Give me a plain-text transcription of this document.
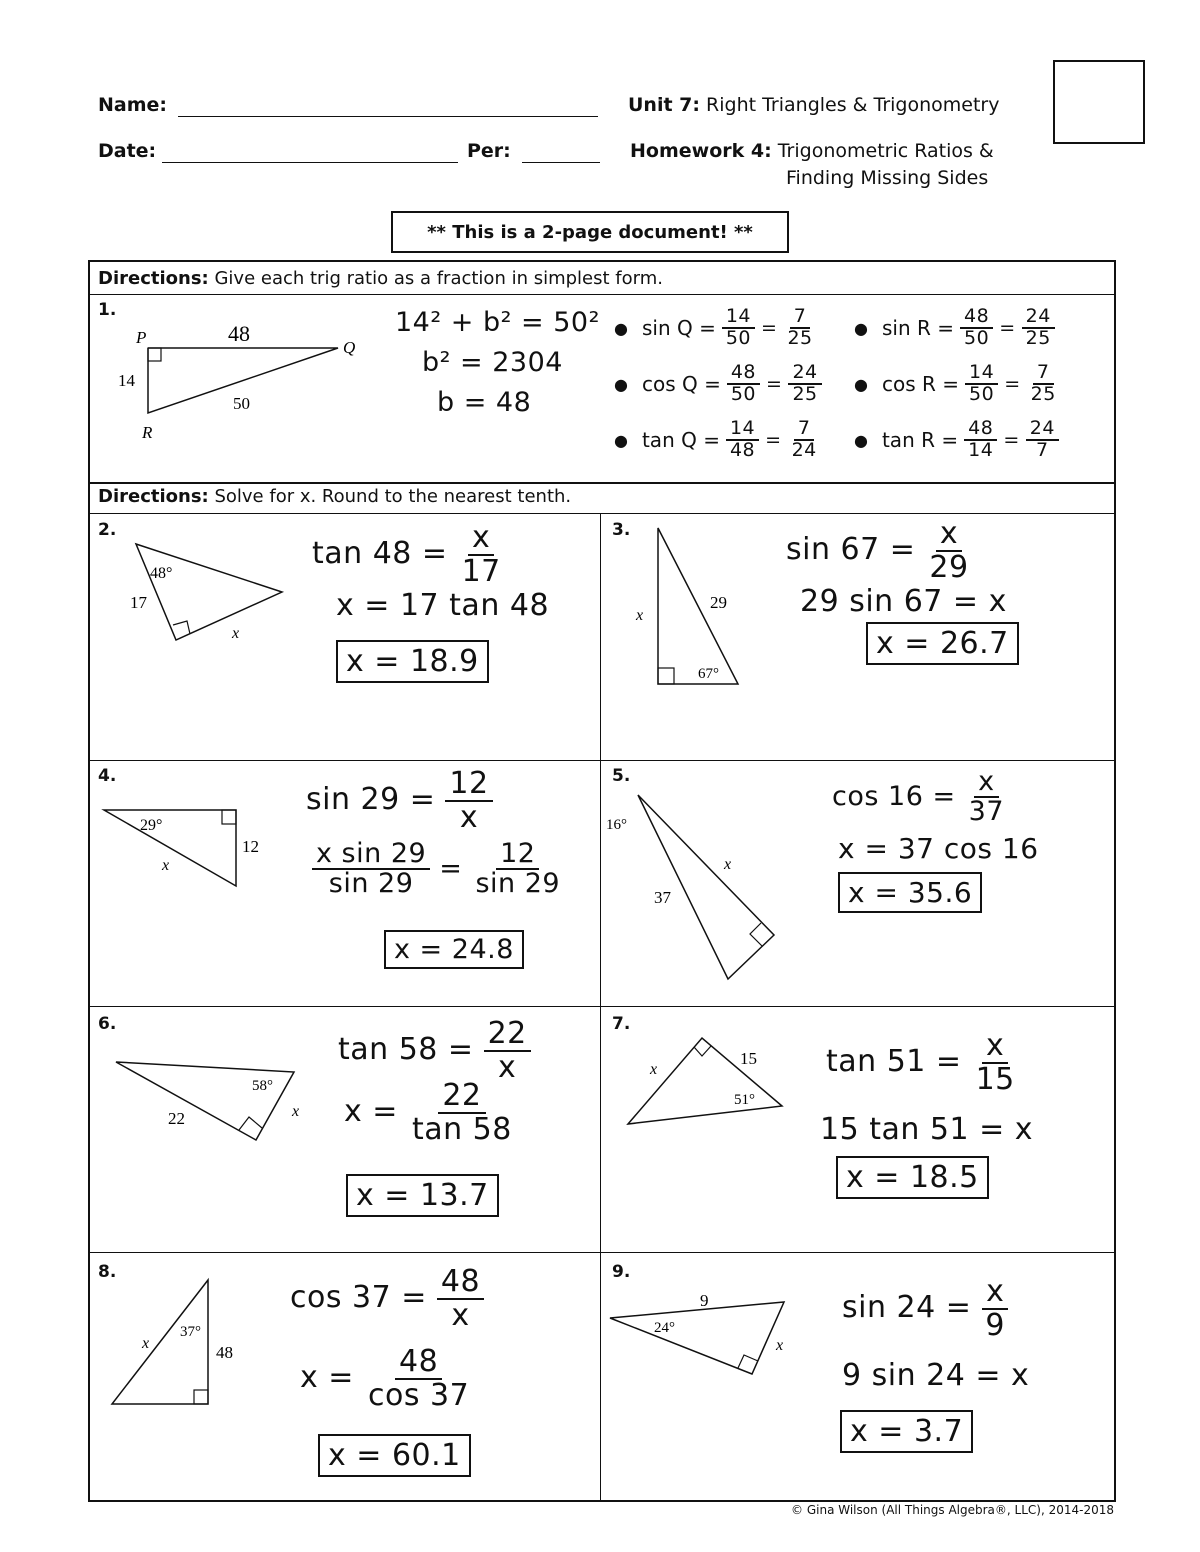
Name:
Date:	Per:
Unit 7: Right Triangles & Trigonometry
Homework 4: Trigonometric Ratios &
Finding Missing Sides
** This is a 2-page document! **
Directions: Give each trig ratio as a fraction in simplest form.
1.
P
Q
R
14
50
48	14² + b² = 50²
b² = 2304
b = 48
● $\sin Q = \frac{14}{50} = \frac{7}{25}$ ● $\sin R = \frac{48}{50} = \frac{24}{25}$
● $\cos Q = \frac{48}{50} = \frac{24}{25}$ ● $\cos R = \frac{14}{50} = \frac{7}{25}$
● $\tan Q = \frac{14}{48} = \frac{7}{24}$ ● $\tan R = \frac{48}{14} = \frac{24}{7}$
Directions: Solve for x. Round to the nearest tenth.
2.
48°
17
x
$\tan 48 = \frac{x}{17}$
x = 17 tan 48
x = 18.9
3.
x
29
67°
$\sin 67 = \frac{x}{29}$
29 sin 67 = x
x = 26.7
4.
29°
12
x
$\sin 29 = \frac{12}{x}$
$\frac{\text{x sin 29}}{\sin 29} = \frac{12}{\sin 29}$
x = 24.8
5.
16°
x
37
$\cos 16 = \frac{x}{37}$
x = 37 cos 16
x = 35.6
6.
58°
22	x
$\tan 58 = \frac{22}{x}$
$x = \frac{22}{\tan 58}$
x = 13.7
7.
x
15
51°
$\tan 51 = \frac{x}{15}$
15 tan 51 = x
x = 18.5
8.
37°
48
x
$\cos 37 = \frac{48}{x}$
$x = \frac{48}{\cos 37}$
x = 60.1
9.
9
24°
x
$\sin 24 = \frac{x}{9}$
9 sin 24 = x
x = 3.7
© Gina Wilson (All Things Algebra®, LLC), 2014-2018
